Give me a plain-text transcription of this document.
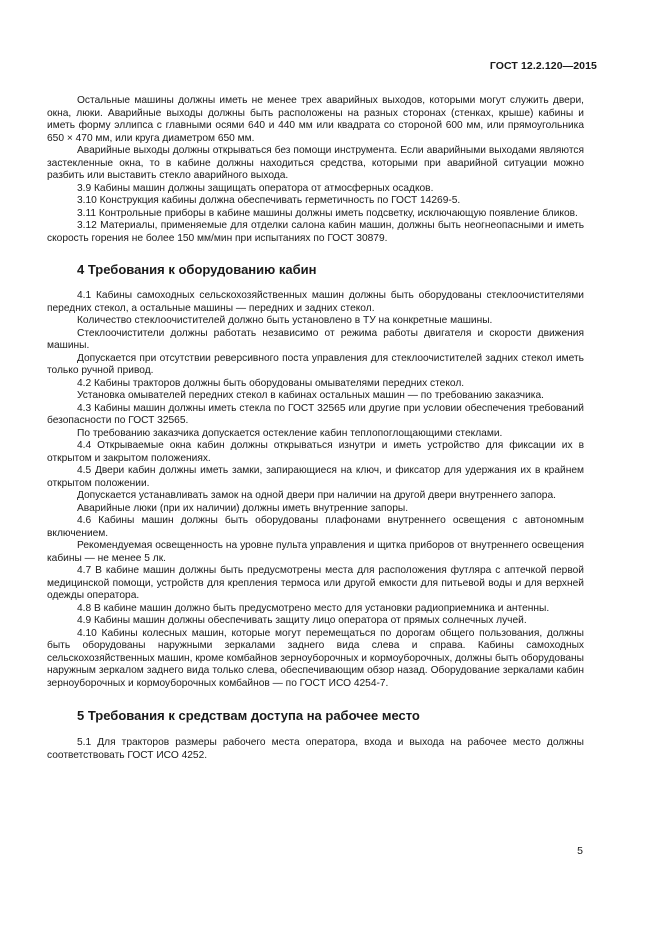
ГОСТ 12.2.120—2015

Остальные машины должны иметь не менее трех аварийных выходов, которыми могут служить двери, окна, люки. Аварийные выходы должны быть расположены на разных сторонах (стенках, крыше) кабины и иметь форму эллипса с главными осями 640 и 440 мм или квадрата со стороной 600 мм, или прямоугольника 650 × 470 мм, или круга диаметром 650 мм.

Аварийные выходы должны открываться без помощи инструмента. Если аварийными выходами являются застекленные окна, то в кабине должны находиться средства, которыми при аварийной ситуации можно разбить или выставить стекло аварийного выхода.

3.9 Кабины машин должны защищать оператора от атмосферных осадков.

3.10 Конструкция кабины должна обеспечивать герметичность по ГОСТ 14269-5.

3.11 Контрольные приборы в кабине машины должны иметь подсветку, исключающую появление бликов.

3.12 Материалы, применяемые для отделки салона кабин машин, должны быть неогнеопасными и иметь скорость горения не более 150 мм/мин при испытаниях по ГОСТ 30879.

4 Требования к оборудованию кабин

4.1 Кабины самоходных сельскохозяйственных машин должны быть оборудованы стеклоочистителями передних стекол, а остальные машины — передних и задних стекол.

Количество стеклоочистителей должно быть установлено в ТУ на конкретные машины.

Стеклоочистители должны работать независимо от режима работы двигателя и скорости движения машины.

Допускается при отсутствии реверсивного поста управления для стеклоочистителей задних стекол иметь только ручной привод.

4.2 Кабины тракторов должны быть оборудованы омывателями передних стекол.

Установка омывателей передних стекол в кабинах остальных машин — по требованию заказчика.

4.3 Кабины машин должны иметь стекла по ГОСТ 32565 или другие при условии обеспечения требований безопасности по ГОСТ 32565.

По требованию заказчика допускается остекление кабин теплопоглощающими стеклами.

4.4 Открываемые окна кабин должны открываться изнутри и иметь устройство для фиксации их в открытом и закрытом положениях.

4.5 Двери кабин должны иметь замки, запирающиеся на ключ, и фиксатор для удержания их в крайнем открытом положении.

Допускается устанавливать замок на одной двери при наличии на другой двери внутреннего запора.

Аварийные люки (при их наличии) должны иметь внутренние запоры.

4.6 Кабины машин должны быть оборудованы плафонами внутреннего освещения с автономным включением.

Рекомендуемая освещенность на уровне пульта управления и щитка приборов от внутреннего освещения кабины — не менее 5 лк.

4.7 В кабине машин должны быть предусмотрены места для расположения футляра с аптечкой первой медицинской помощи, устройств для крепления термоса или другой емкости для питьевой воды и для верхней одежды оператора.

4.8 В кабине машин должно быть предусмотрено место для установки радиоприемника и антенны.

4.9 Кабины машин должны обеспечивать защиту лицо оператора от прямых солнечных лучей.

4.10 Кабины колесных машин, которые могут перемещаться по дорогам общего пользования, должны быть оборудованы наружными зеркалами заднего вида слева и справа. Кабины самоходных сельскохозяйственных машин, кроме комбайнов зерноуборочных и кормоуборочных, должны быть оборудованы наружным зеркалом заднего вида только слева, обеспечивающим обзор назад. Оборудование зеркалами кабин зерноуборочных и кормоуборочных комбайнов — по ГОСТ ИСО 4254-7.

5 Требования к средствам доступа на рабочее место

5.1 Для тракторов размеры рабочего места оператора, входа и выхода на рабочее место должны соответствовать ГОСТ ИСО 4252.

5
